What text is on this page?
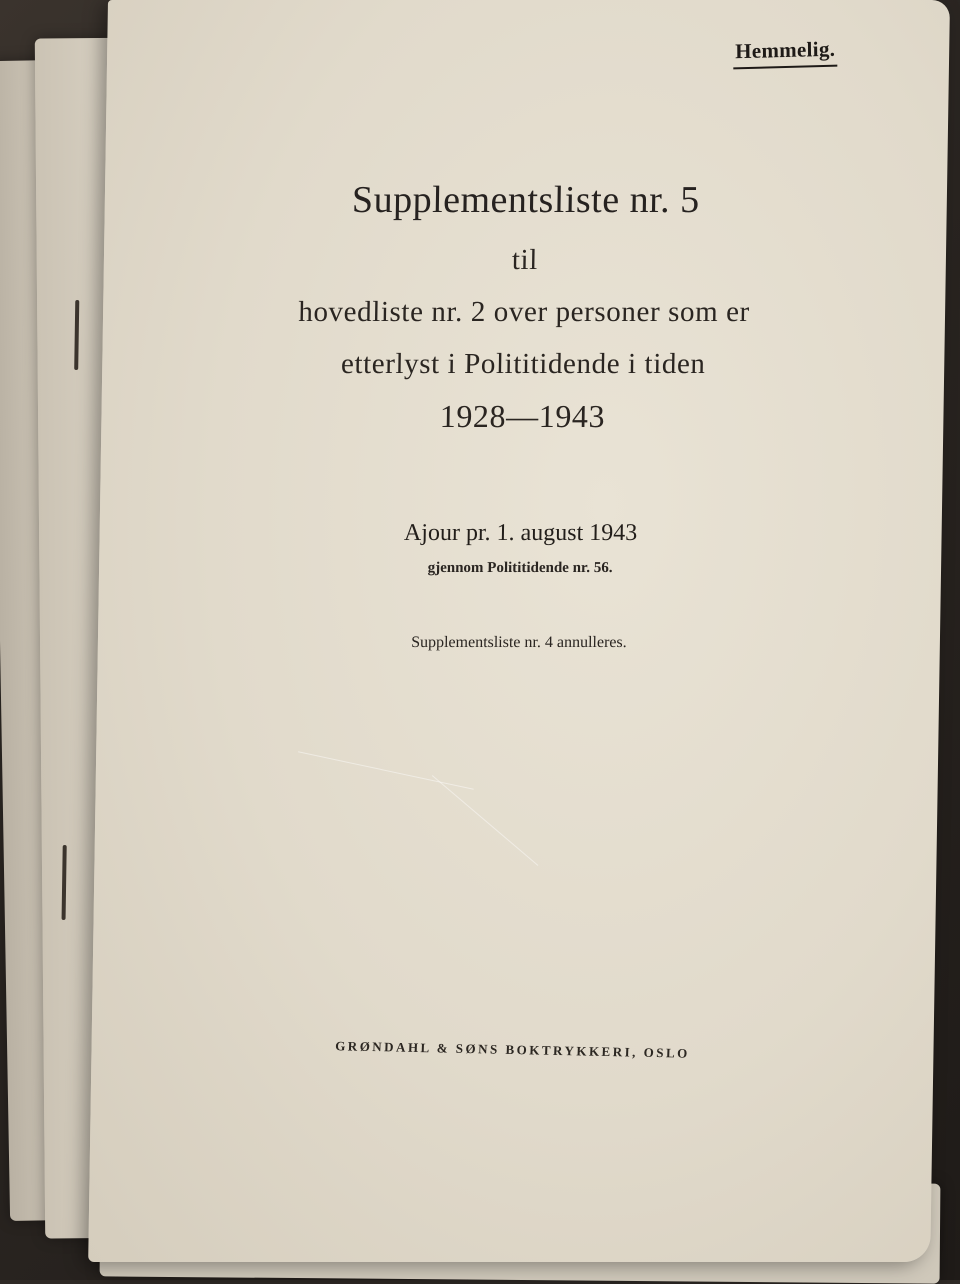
Hemmelig.
Supplementsliste nr. 5
til
hovedliste nr. 2 over personer som er
etterlyst i Polititidende i tiden
1928—1943
Ajour pr. 1. august 1943
gjennom Polititidende nr. 56.
Supplementsliste nr. 4 annulleres.
GRØNDAHL & SØNS BOKTRYKKERI, OSLO
